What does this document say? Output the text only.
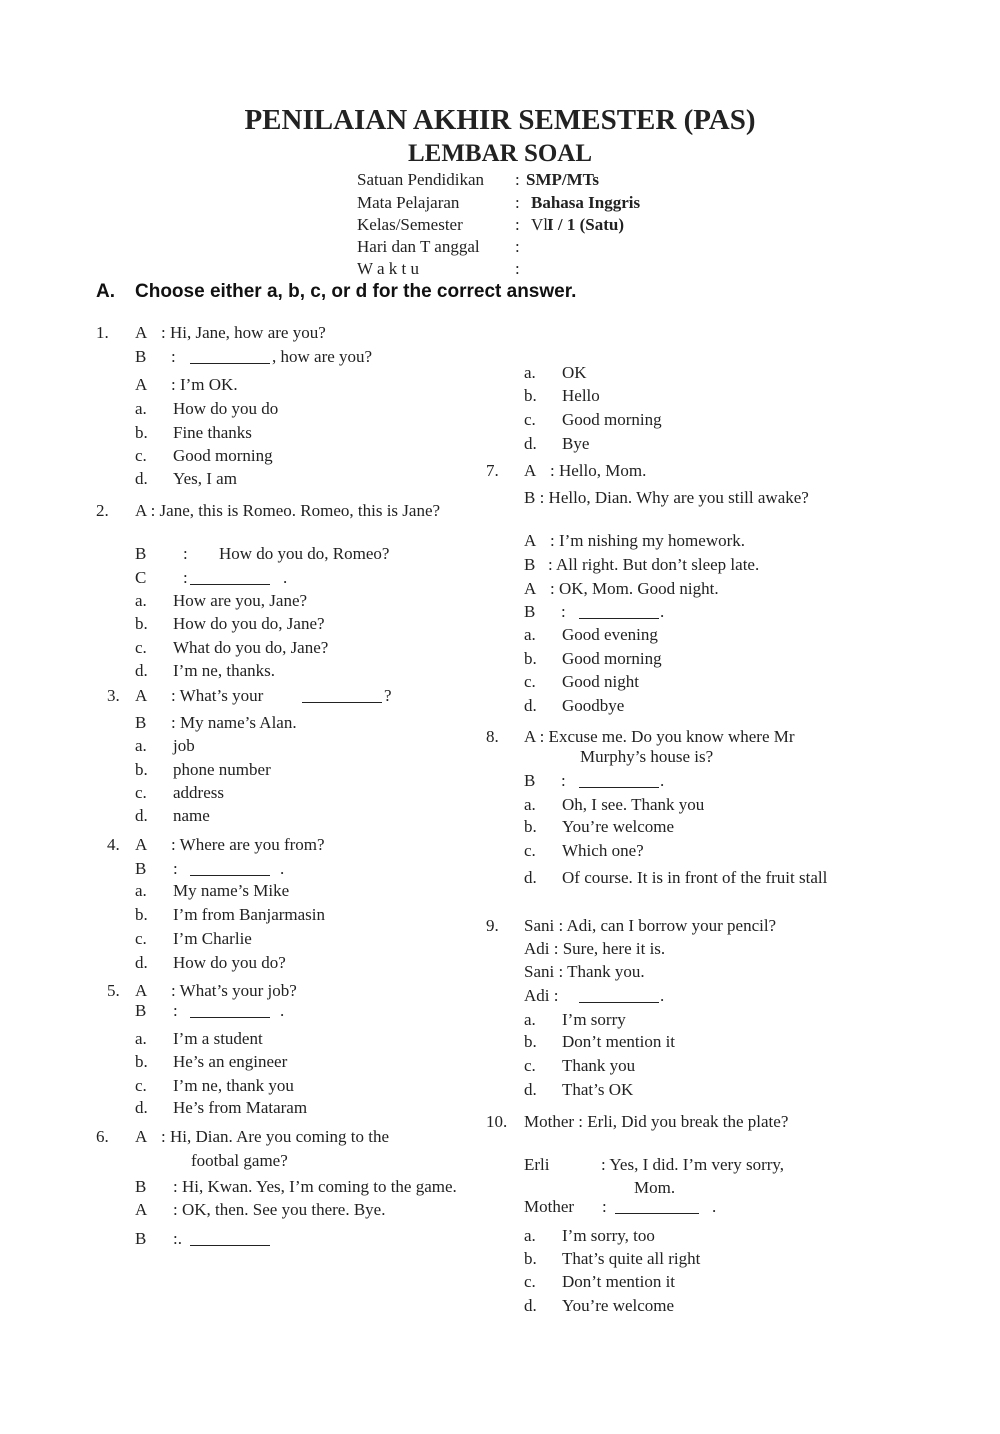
PENILAIAN AKHIR SEMESTER (PAS)
LEMBAR SOAL
Satuan Pendidikan : SMP/MTs
Mata Pelajaran	: Bahasa Inggris
Kelas/Semester	: Vl I / 1 (Satu)
Hari dan T anggal :
W a k t u	:
A. Choose either a, b, c, or d for the correct answer.
1. A : Hi, Jane, how are you?
B :	, how are you?
A : I’m OK.
a. How do you do
b. Fine thanks
c. Good morning
d. Yes, I am
2. A : Jane, this is Romeo. Romeo, this is Jane?
B : How do you do, Romeo?
C :	.
a. How are you, Jane?
b. How do you do, Jane?
c. What do you do, Jane?
d. I’m ne, thanks.
3. A : What’s your	?
B : My name’s Alan.
a. job
b. phone number
c. address
d. name
4. A : Where are you from?
B :	.
a. My name’s Mike
b. I’m from Banjarmasin
c. I’m Charlie
d. How do you do?
5. A : What’s your job?
B :	.
a. I’m a student
b. He’s an engineer
c. I’m ne, thank you
d. He’s from Mataram
6. A : Hi, Dian. Are you coming to the
footbal game?
B : Hi, Kwan. Yes, I’m coming to the game.
A : OK, then. See you there. Bye.
B :.
a. OK
b. Hello
c. Good morning
d. Bye
7. A : Hello, Mom.
B : Hello, Dian. Why are you still awake?
A : I’m nishing my homework.
B : All right. But don’t sleep late.
A : OK, Mom. Good night.
B :	.
a. Good evening
b. Good morning
c. Good night
d. Goodbye
8. A : Excuse me. Do you know where Mr
Murphy’s house is?
B :	.
a. Oh, I see. Thank you
b. You’re welcome
c. Which one?
d. Of course. It is in front of the fruit stall
9. Sani : Adi, can I borrow your pencil?
Adi : Sure, here it is.
Sani : Thank you.
Adi :	.
a. I’m sorry
b. Don’t mention it
c. Thank you
d. That’s OK
10. Mother : Erli, Did you break the plate?
Erli	: Yes, I did. I’m very sorry,
Mom.
Mother :	.
a. I’m sorry, too
b. That’s quite all right
c. Don’t mention it
d. You’re welcome
